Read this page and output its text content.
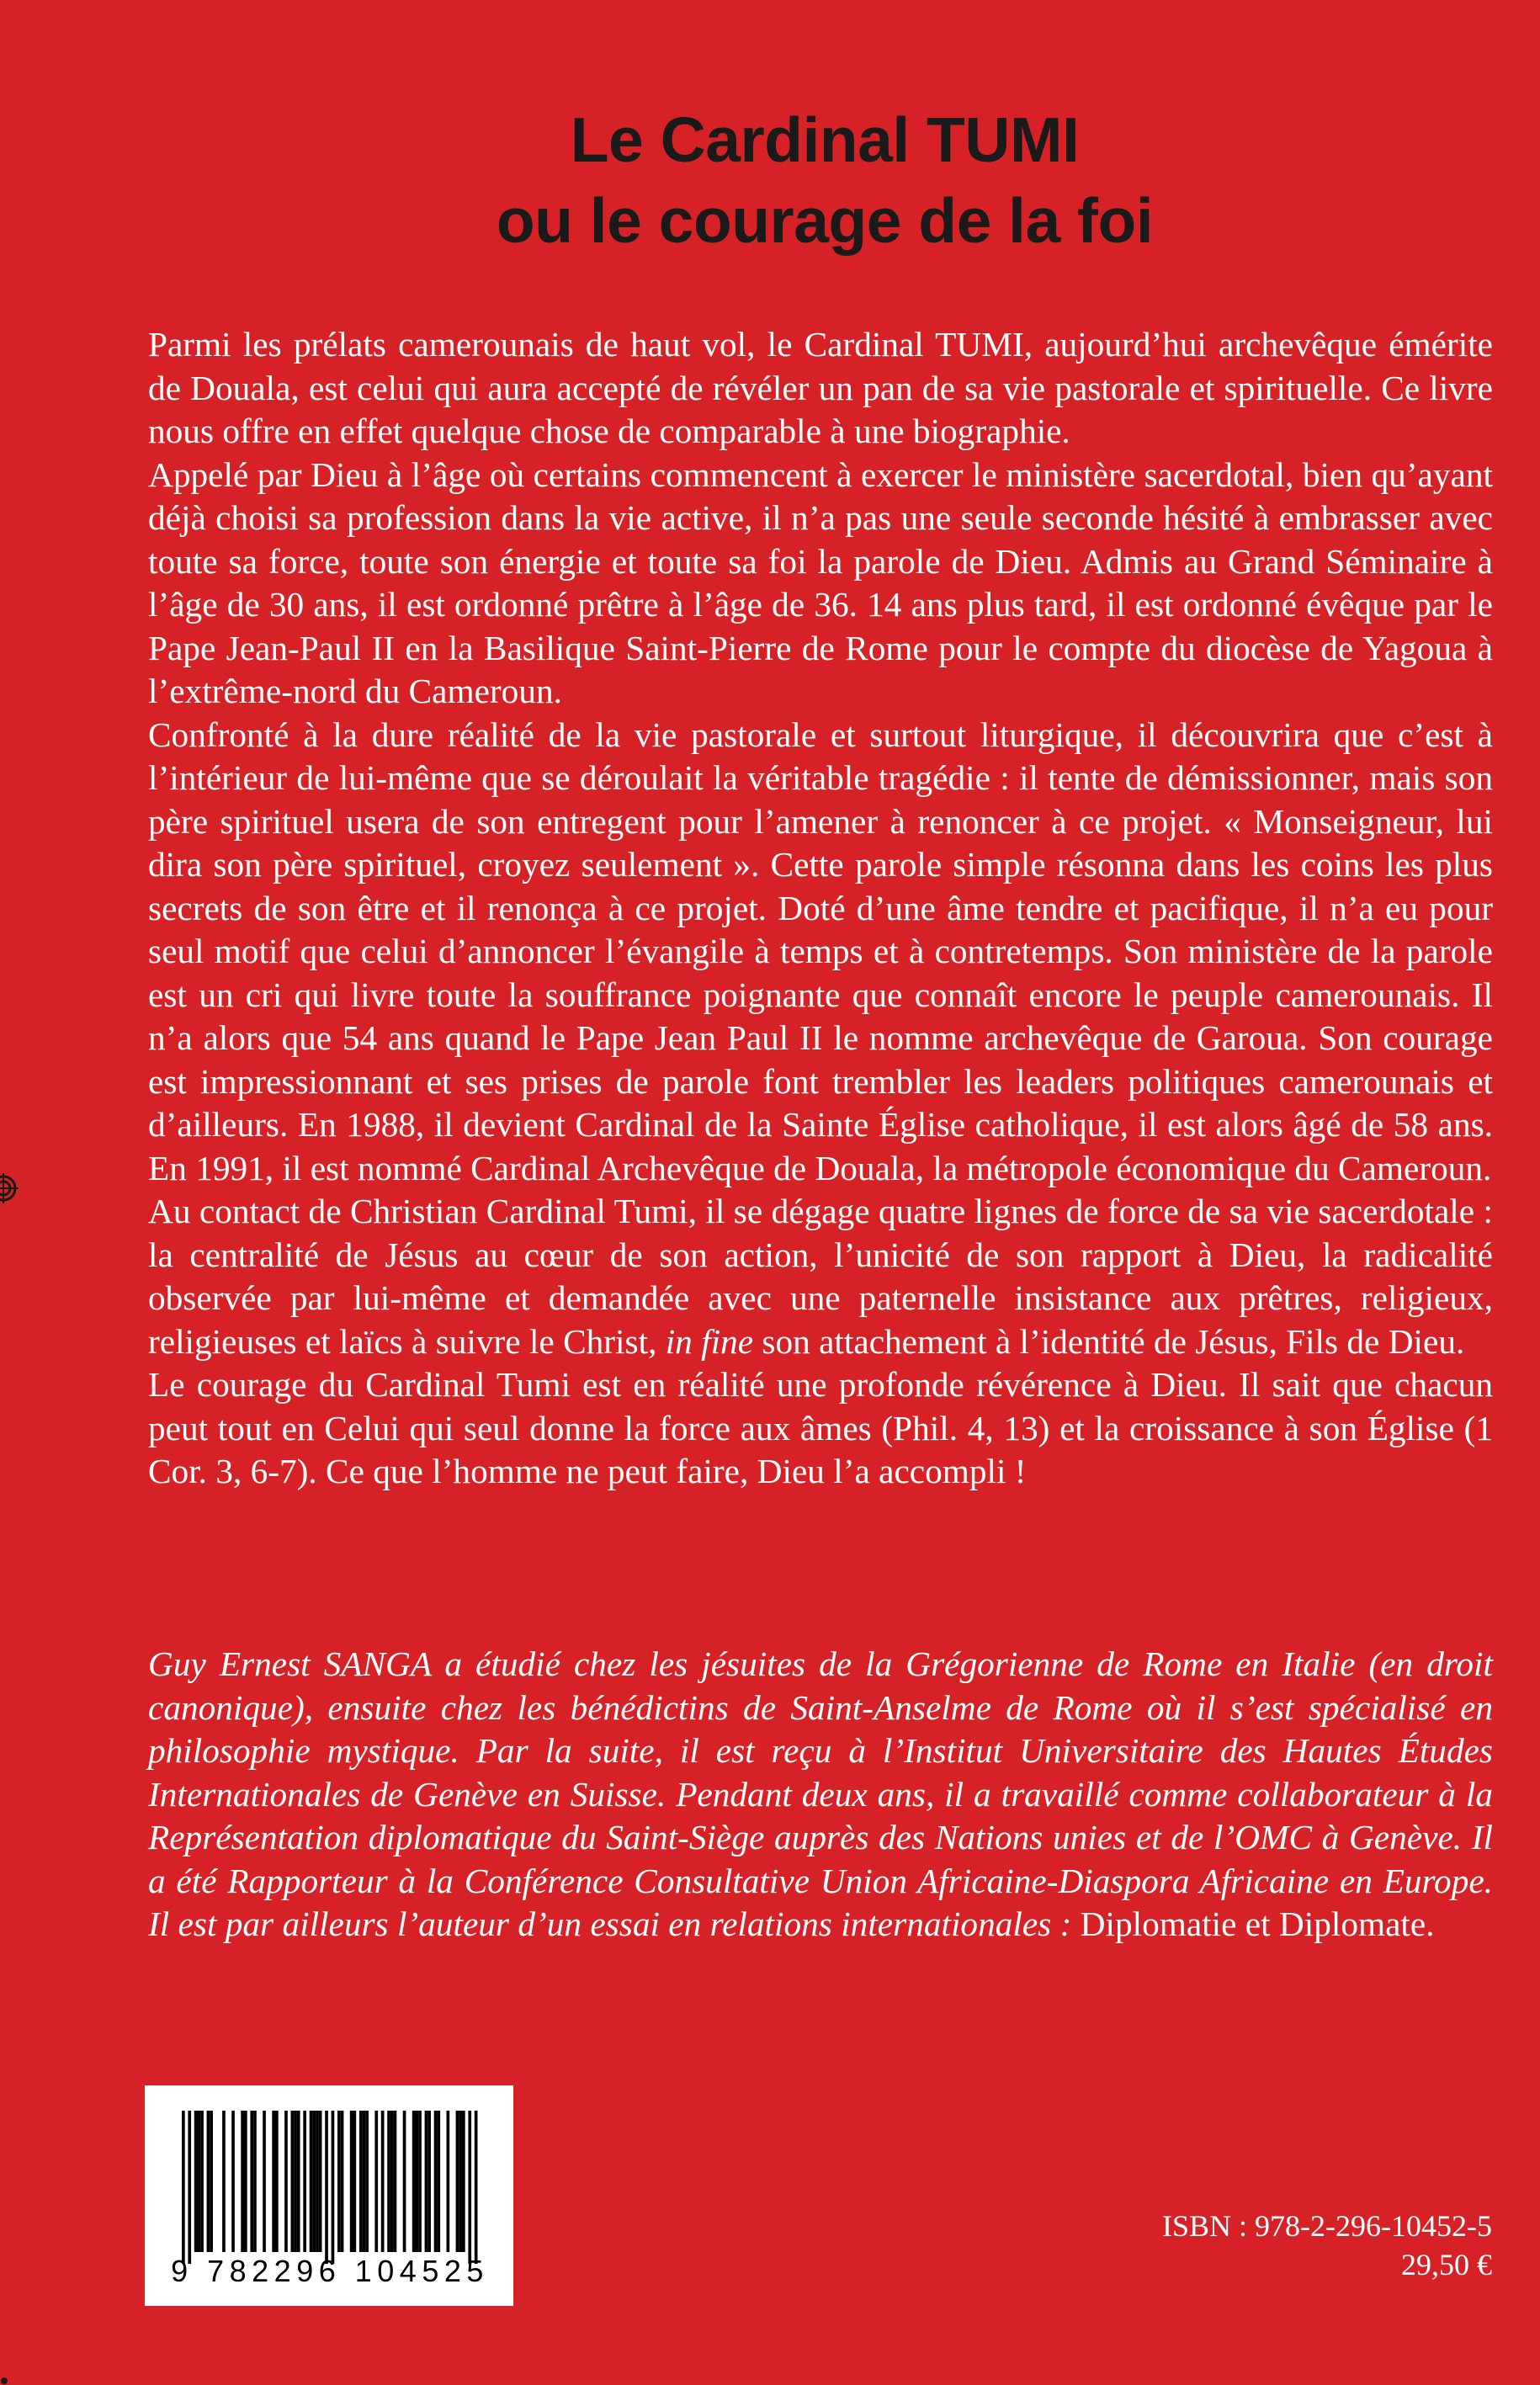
Le Cardinal TUMI
ou le courage de la foi

Parmi les prélats camerounais de haut vol, le Cardinal TUMI, aujourd’hui archevêque émérite de Douala, est celui qui aura accepté de révéler un pan de sa vie pastorale et spirituelle. Ce livre nous offre en effet quelque chose de comparable à une biographie.

Appelé par Dieu à l’âge où certains commencent à exercer le ministère sacerdotal, bien qu’ayant déjà choisi sa profession dans la vie active, il n’a pas une seule seconde hésité à embrasser avec toute sa force, toute son énergie et toute sa foi la parole de Dieu. Admis au Grand Séminaire à l’âge de 30 ans, il est ordonné prêtre à l’âge de 36. 14 ans plus tard, il est ordonné évêque par le Pape Jean-Paul II en la Basilique Saint-Pierre de Rome pour le compte du diocèse de Yagoua à l’extrême-nord du Cameroun.

Confronté à la dure réalité de la vie pastorale et surtout liturgique, il découvrira que c’est à l’intérieur de lui-même que se déroulait la véritable tragédie : il tente de démissionner, mais son père spirituel usera de son entregent pour l’amener à renoncer à ce projet. « Monseigneur, lui dira son père spirituel, croyez seulement ». Cette parole simple résonna dans les coins les plus secrets de son être et il renonça à ce projet. Doté d’une âme tendre et pacifique, il n’a eu pour seul motif que celui d’annoncer l’évangile à temps et à contretemps. Son ministère de la parole est un cri qui livre toute la souffrance poignante que connaît encore le peuple camerounais. Il n’a alors que 54 ans quand le Pape Jean Paul II le nomme archevêque de Garoua. Son courage est impressionnant et ses prises de parole font trembler les leaders politiques camerounais et d’ailleurs. En 1988, il devient Cardinal de la Sainte Église catholique, il est alors âgé de 58 ans. En 1991, il est nommé Cardinal Archevêque de Douala, la métropole économique du Cameroun.

Au contact de Christian Cardinal Tumi, il se dégage quatre lignes de force de sa vie sacerdotale : la centralité de Jésus au cœur de son action, l’unicité de son rapport à Dieu, la radicalité observée par lui-même et demandée avec une paternelle insistance aux prêtres, religieux, religieuses et laïcs à suivre le Christ, in fine son attachement à l’identité de Jésus, Fils de Dieu.

Le courage du Cardinal Tumi est en réalité une profonde révérence à Dieu. Il sait que chacun peut tout en Celui qui seul donne la force aux âmes (Phil. 4, 13) et la croissance à son Église (1 Cor. 3, 6-7). Ce que l’homme ne peut faire, Dieu l’a accompli !

Guy Ernest SANGA a étudié chez les jésuites de la Grégorienne de Rome en Italie (en droit canonique), ensuite chez les bénédictins de Saint-Anselme de Rome où il s’est spécialisé en philosophie mystique. Par la suite, il est reçu à l’Institut Universitaire des Hautes Études Internationales de Genève en Suisse. Pendant deux ans, il a travaillé comme collaborateur à la Représentation diplomatique du Saint-Siège auprès des Nations unies et de l’OMC à Genève. Il a été Rapporteur à la Conférence Consultative Union Africaine-Diaspora Africaine en Europe. Il est par ailleurs l’auteur d’un essai en relations internationales : Diplomatie et Diplomate.
9 782296 104525
ISBN : 978-2-296-10452-5
29,50 €
